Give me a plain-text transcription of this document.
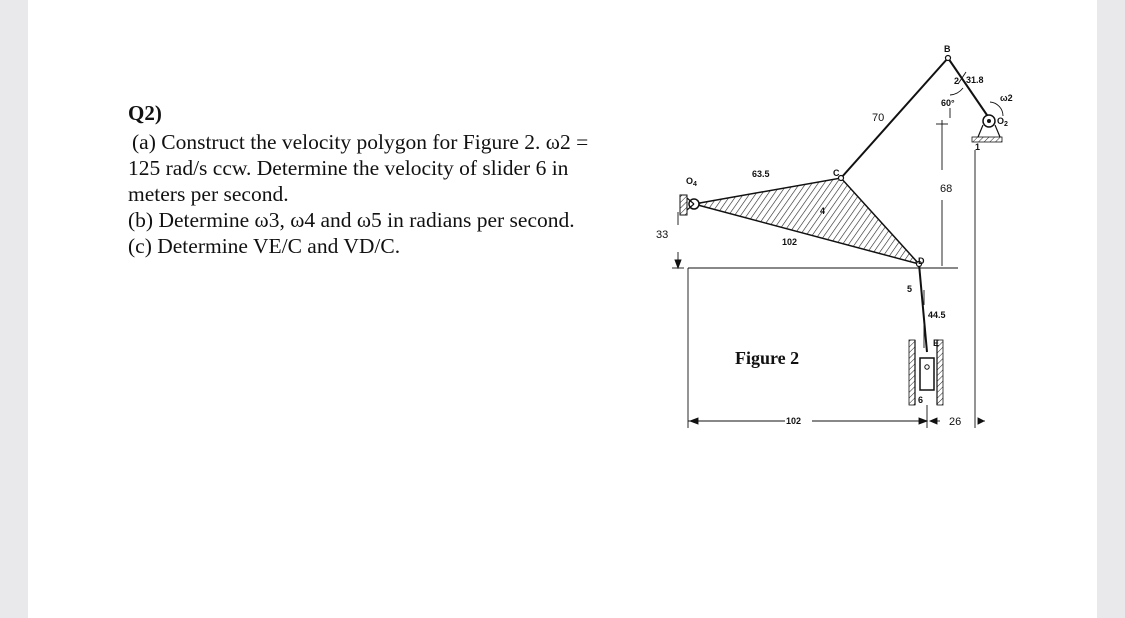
Q2)
(a) Construct the velocity polygon for Figure 2. ω2 =
125 rad/s ccw. Determine the velocity of slider 6 in
meters per second.
(b) Determine ω3, ω4 and ω5 in radians per second.
(c) Determine VE/C and VD/C.
B
C
D
E
$O_4$
$O_2$
2
4
5
6
1
ω2
60°
31.8
70
63.5
68
33
102
44.5
102	26
Figure 2
